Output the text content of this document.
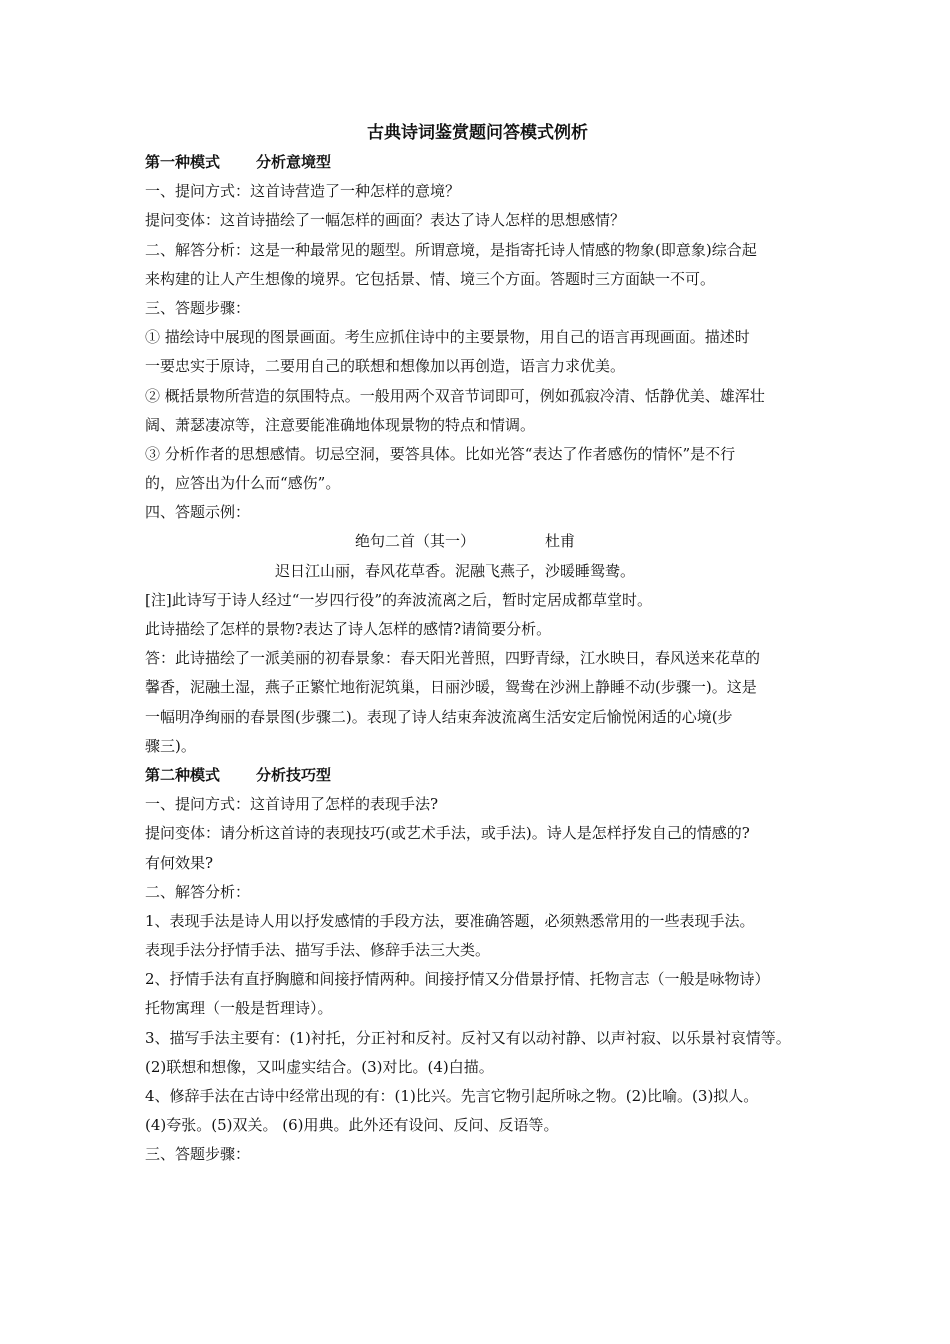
古典诗词鉴赏题问答模式例析

第一种模式 分析意境型

一、提问方式：这首诗营造了一种怎样的意境？

提问变体：这首诗描绘了一幅怎样的画面？表达了诗人怎样的思想感情？

二、解答分析：这是一种最常见的题型。所谓意境，是指寄托诗人情感的物象(即意象)综合起

来构建的让人产生想像的境界。它包括景、情、境三个方面。答题时三方面缺一不可。

三、答题步骤：

① 描绘诗中展现的图景画面。考生应抓住诗中的主要景物，用自己的语言再现画面。描述时

一要忠实于原诗，二要用自己的联想和想像加以再创造，语言力求优美。

② 概括景物所营造的氛围特点。一般用两个双音节词即可，例如孤寂冷清、恬静优美、雄浑壮

阔、萧瑟凄凉等，注意要能准确地体现景物的特点和情调。

③ 分析作者的思想感情。切忌空洞，要答具体。比如光答“表达了作者感伤的情怀”是不行

的，应答出为什么而“感伤”。

四、答题示例：

绝句二首（其一）	杜甫

迟日江山丽，春风花草香。泥融飞燕子，沙暖睡鸳鸯。

[注]此诗写于诗人经过“一岁四行役”的奔波流离之后，暂时定居成都草堂时。

此诗描绘了怎样的景物?表达了诗人怎样的感情?请简要分析。

答：此诗描绘了一派美丽的初春景象：春天阳光普照，四野青绿，江水映日，春风送来花草的

馨香，泥融土湿，燕子正繁忙地衔泥筑巢，日丽沙暖，鸳鸯在沙洲上静睡不动(步骤一)。这是

一幅明净绚丽的春景图(步骤二)。表现了诗人结束奔波流离生活安定后愉悦闲适的心境(步

骤三)。

第二种模式 分析技巧型

一、提问方式：这首诗用了怎样的表现手法?

提问变体：请分析这首诗的表现技巧(或艺术手法，或手法)。诗人是怎样抒发自己的情感的?

有何效果?

二、解答分析：

1、表现手法是诗人用以抒发感情的手段方法，要准确答题，必须熟悉常用的一些表现手法。

表现手法分抒情手法、描写手法、修辞手法三大类。

2、抒情手法有直抒胸臆和间接抒情两种。间接抒情又分借景抒情、托物言志（一般是咏物诗）

托物寓理（一般是哲理诗）。

3、描写手法主要有：(1)衬托，分正衬和反衬。反衬又有以动衬静、以声衬寂、以乐景衬哀情等。

(2)联想和想像，又叫虚实结合。(3)对比。(4)白描。

4、修辞手法在古诗中经常出现的有：(1)比兴。先言它物引起所咏之物。(2)比喻。(3)拟人。

(4)夸张。(5)双关。 (6)用典。此外还有设问、反问、反语等。

三、答题步骤：
